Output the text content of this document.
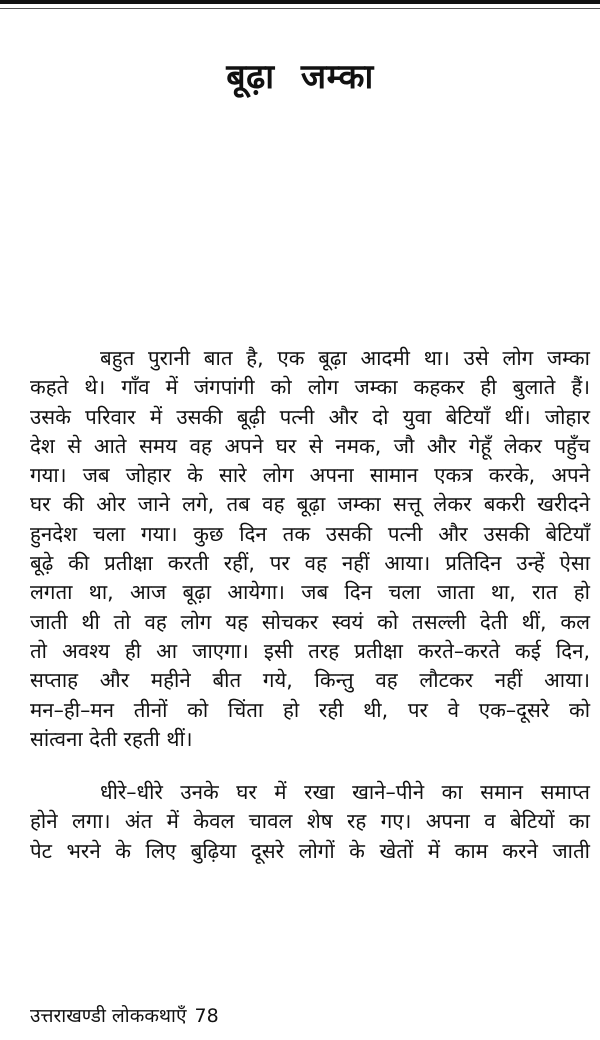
बूढ़ा जम्का
बहुत पुरानी बात है, एक बूढ़ा आदमी था। उसे लोग जम्का
कहते थे। गाँव में जंगपांगी को लोग जम्का कहकर ही बुलाते हैं।
उसके परिवार में उसकी बूढ़ी पत्नी और दो युवा बेटियाँ थीं। जोहार
देश से आते समय वह अपने घर से नमक, जौ और गेहूँ लेकर पहुँच
गया। जब जोहार के सारे लोग अपना सामान एकत्र करके, अपने
घर की ओर जाने लगे, तब वह बूढ़ा जम्का सत्तू लेकर बकरी खरीदने
हुनदेश चला गया। कुछ दिन तक उसकी पत्नी और उसकी बेटियाँ
बूढ़े की प्रतीक्षा करती रहीं, पर वह नहीं आया। प्रतिदिन उन्हें ऐसा
लगता था, आज बूढ़ा आयेगा। जब दिन चला जाता था, रात हो
जाती थी तो वह लोग यह सोचकर स्वयं को तसल्ली देती थीं, कल
तो अवश्य ही आ जाएगा। इसी तरह प्रतीक्षा करते–करते कई दिन,
सप्ताह और महीने बीत गये, किन्तु वह लौटकर नहीं आया।
मन–ही–मन तीनों को चिंता हो रही थी, पर वे एक–दूसरे को
सांत्वना देती रहती थीं।
धीरे–धीरे उनके घर में रखा खाने–पीने का समान समाप्त
होने लगा। अंत में केवल चावल शेष रह गए। अपना व बेटियों का
पेट भरने के लिए बुढ़िया दूसरे लोगों के खेतों में काम करने जाती
उत्तराखण्डी लोककथाएँ 78
